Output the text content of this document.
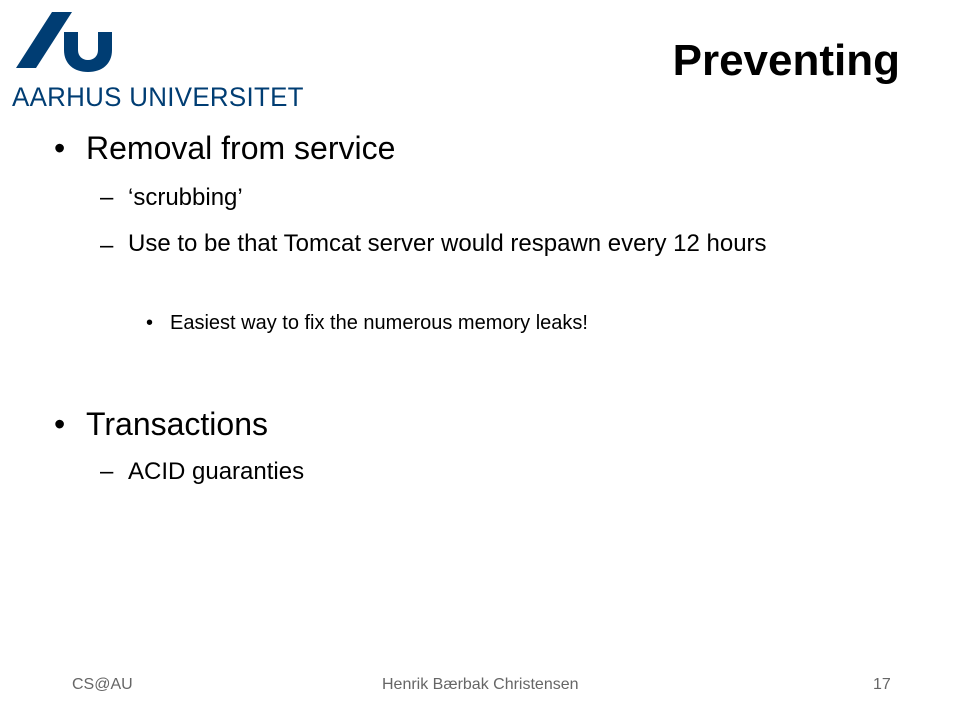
AARHUS UNIVERSITET
Preventing
• Removal from service
– ‘scrubbing’
– Use to be that Tomcat server would respawn every 12 hours
• Easiest way to fix the numerous memory leaks!
• Transactions
– ACID guaranties
CS@AU	Henrik Bærbak Christensen	17
